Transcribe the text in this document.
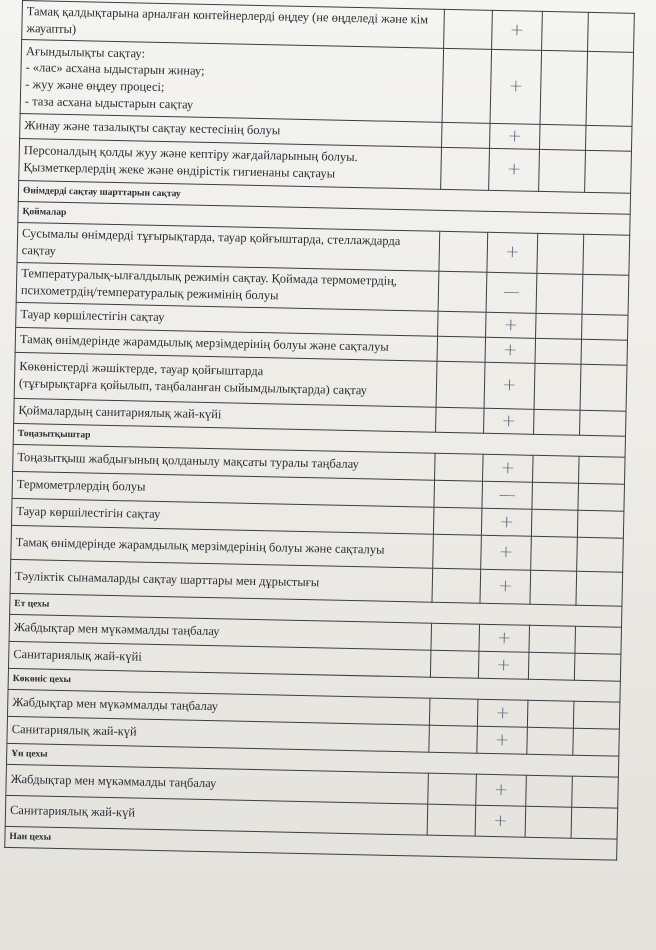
Тамақ қалдықтарына арналған контейнерлерді өңдеу (не өңделеді және кім жауапты)		+		
Ағындылықты сақтау:
- «лас» асхана ыдыстарын жинау;
- жуу және өңдеу процесі;
- таза асхана ыдыстарын сақтау		+		
Жинау және тазалықты сақтау кестесінің болуы		+		
Персоналдың қолды жуу және кептіру жағдайларының болуы. Қызметкерлердің жеке және өндірістік гигиенаны сақтауы		+		
Өнімдерді сақтау шарттарын сақтау				
Қоймалар				
Сусымалы өнімдерді тұғырықтарда, тауар қойғыштарда, стеллаждарда сақтау		+		
Температуралық-ылғалдылық режимін сақтау. Қоймада термометрдің, психометрдің/температуралық режимінің болуы		—		
Тауар көршілестігін сақтау		+		
Тамақ өнімдерінде жарамдылық мерзімдерінің болуы және сақталуы		+		
Көкөністерді жәшіктерде, тауар қойғыштарда
(тұғырықтарға қойылып, таңбаланған сыйымдылықтарда) сақтау		+		
Қоймалардың санитариялық жай-күйі		+		
Тоңазытқыштар				
Тоңазытқыш жабдығының қолданылу мақсаты туралы таңбалау		+		
Термометрлердің болуы		—		
Тауар көршілестігін сақтау		+		
Тамақ өнімдерінде жарамдылық мерзімдерінің болуы және сақталуы		+		
Тәуліктік сынамаларды сақтау шарттары мен дұрыстығы		+		
Ет цехы				
Жабдықтар мен мүкәммалды таңбалау		+		
Санитариялық жай-күйі		+		
Көкөніс цехы				
Жабдықтар мен мүкәммалды таңбалау		+		
Санитариялық жай-күй		+		
Ұн цехы				
Жабдықтар мен мүкәммалды таңбалау		+		
Санитариялық жай-күй		+		
Нан цехы				
